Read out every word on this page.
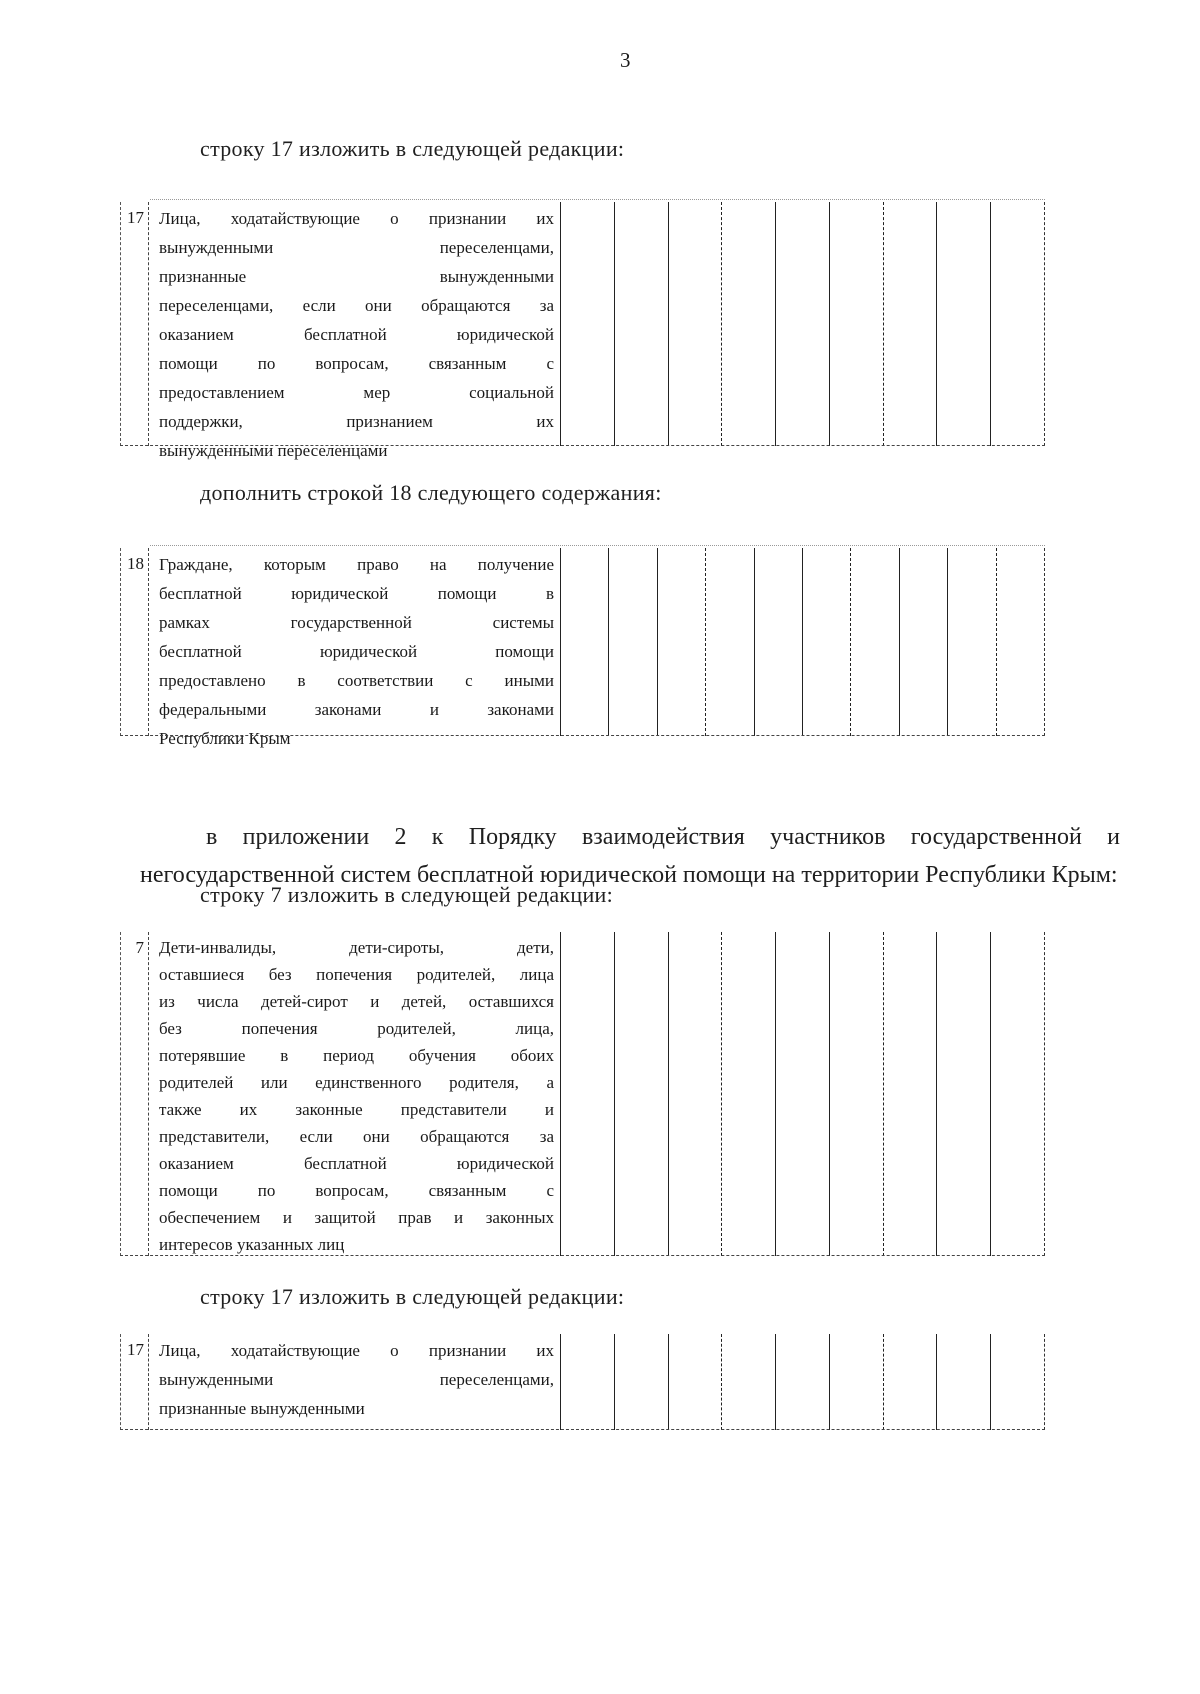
3
строку 17 изложить в следующей редакции:
17 Лица, ходатайствующие о признании их

вынужденными переселенцами,

признанные вынужденными

переселенцами, если они обращаются за

оказанием бесплатной юридической

помощи по вопросам, связанным с

предоставлением мер социальной

поддержки, признанием их

вынужденными переселенцами

дополнить строкой 18 следующего содержания:
18 Граждане, которым право на получение

бесплатной юридической помощи в

рамках государственной системы

бесплатной юридической помощи

предоставлено в соответствии с иными

федеральными законами и законами

Республики Крым

в приложении 2 к Порядку взаимодействия участников государственной и негосударственной систем бесплатной юридической помощи на территории Республики Крым:
строку 7 изложить в следующей редакции:
7 Дети-инвалиды, дети-сироты, дети,

оставшиеся без попечения родителей, лица

из числа детей-сирот и детей, оставшихся

без попечения родителей, лица,

потерявшие в период обучения обоих

родителей или единственного родителя, а

также их законные представители и

представители, если они обращаются за

оказанием бесплатной юридической

помощи по вопросам, связанным с

обеспечением и защитой прав и законных

интересов указанных лиц

строку 17 изложить в следующей редакции:
17 Лица, ходатайствующие о признании их

вынужденными переселенцами,

признанные вынужденными
